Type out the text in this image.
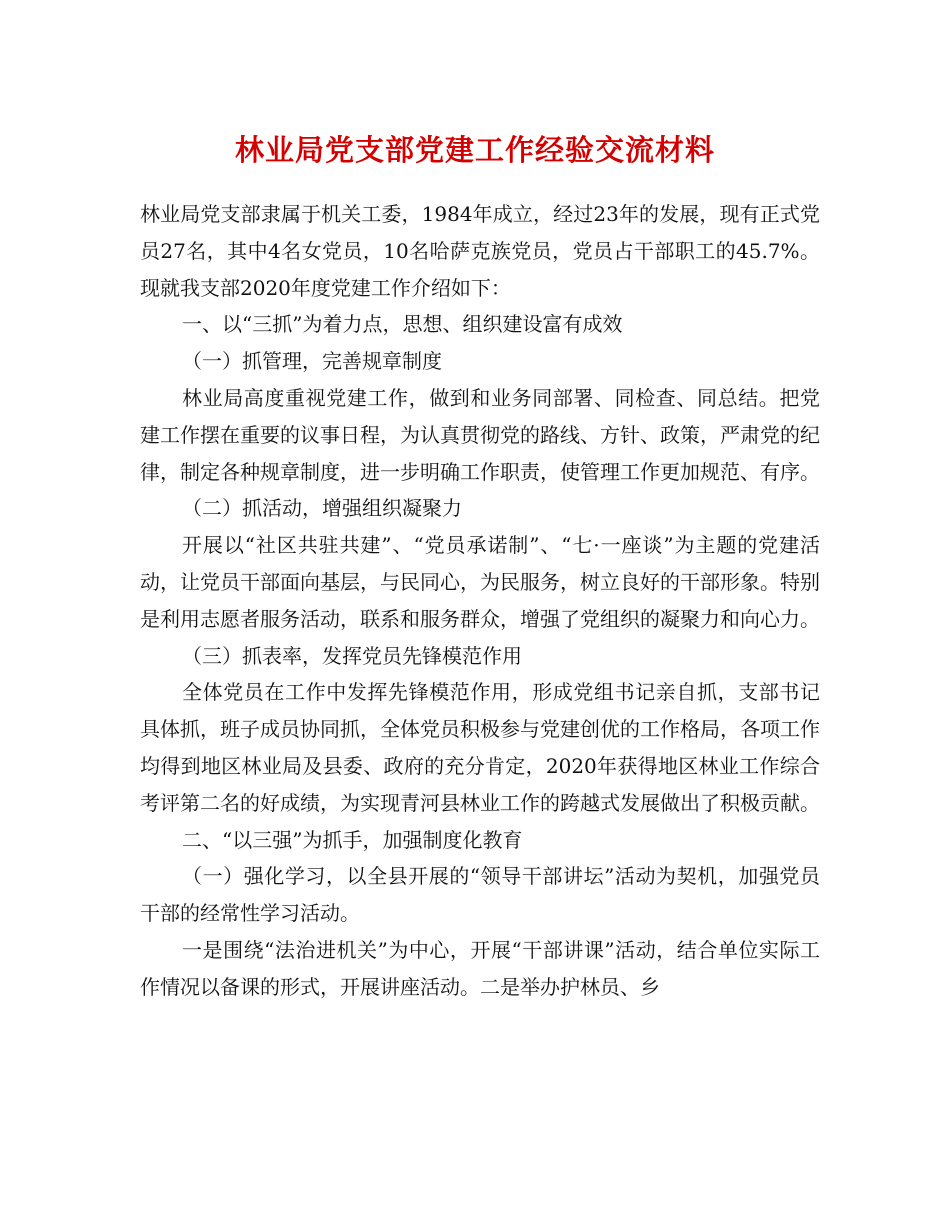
林业局党支部党建工作经验交流材料

林业局党支部隶属于机关工委，1984年成立，经过23年的发展，现有正式党员27名，其中4名女党员，10名哈萨克族党员，党员占干部职工的45.7%。现就我支部2020年度党建工作介绍如下：

一、以“三抓”为着力点，思想、组织建设富有成效

（一）抓管理，完善规章制度

林业局高度重视党建工作，做到和业务同部署、同检查、同总结。把党建工作摆在重要的议事日程，为认真贯彻党的路线、方针、政策，严肃党的纪律，制定各种规章制度，进一步明确工作职责，使管理工作更加规范、有序。

（二）抓活动，增强组织凝聚力

开展以“社区共驻共建”、“党员承诺制”、“七·一座谈”为主题的党建活动，让党员干部面向基层，与民同心，为民服务，树立良好的干部形象。特别是利用志愿者服务活动，联系和服务群众，增强了党组织的凝聚力和向心力。

（三）抓表率，发挥党员先锋模范作用

全体党员在工作中发挥先锋模范作用，形成党组书记亲自抓，支部书记具体抓，班子成员协同抓，全体党员积极参与党建创优的工作格局，各项工作均得到地区林业局及县委、政府的充分肯定，2020年获得地区林业工作综合考评第二名的好成绩，为实现青河县林业工作的跨越式发展做出了积极贡献。

二、“以三强”为抓手，加强制度化教育

（一）强化学习，以全县开展的“领导干部讲坛”活动为契机，加强党员干部的经常性学习活动。

一是围绕“法治进机关”为中心，开展“干部讲课”活动，结合单位实际工作情况以备课的形式，开展讲座活动。二是举办护林员、乡
